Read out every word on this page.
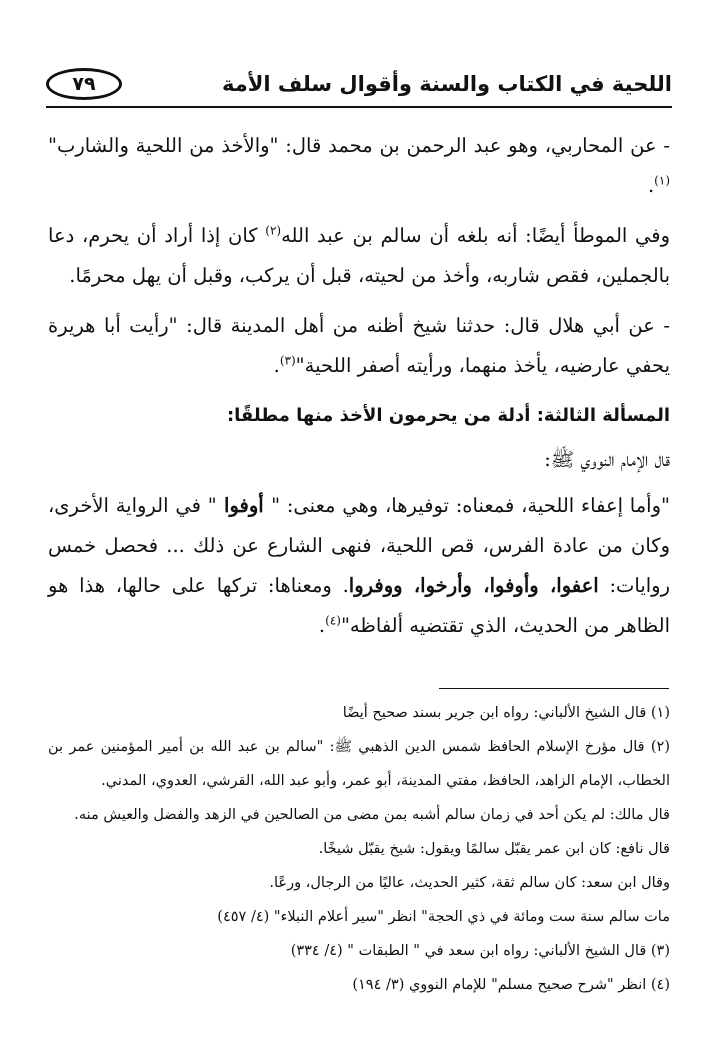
اللحية في الكتاب والسنة وأقوال سلف الأمة
٧٩

- عن المحاربي، وهو عبد الرحمن بن محمد قال: "والأخذ من اللحية والشارب"$^{(١)}$.

وفي الموطأ أيضًا: أنه بلغه أن سالم بن عبد الله$^{(٢)}$ كان إذا أراد أن يحرم، دعا بالجملين، فقص شاربه، وأخذ من لحيته، قبل أن يركب، وقبل أن يهل محرمًا.

- عن أبي هلال قال: حدثنا شيخ أظنه من أهل المدينة قال: "رأيت أبا هريرة يحفي عارضيه، يأخذ منهما، ورأيته أصفر اللحية"$^{(٣)}$.

المسألة الثالثة: أدلة من يحرمون الأخذ منها مطلقًا:

قال الإمام النووي ﷺ:

"وأما إعفاء اللحية، فمعناه: توفيرها، وهي معنى: " أوفوا " في الرواية الأخرى، وكان من عادة الفرس، قص اللحية، فنهى الشارع عن ذلك ... فحصل خمس روايات: اعفوا، وأوفوا، وأرخوا، ووفروا. ومعناها: تركها على حالها، هذا هو الظاهر من الحديث، الذي تقتضيه ألفاظه"$^{(٤)}$.

(١) قال الشيخ الألباني: رواه ابن جرير بسند صحيح أيضًا

(٢) قال مؤرخ الإسلام الحافظ شمس الدين الذهبي ﷺ: "سالم بن عبد الله بن أمير المؤمنين عمر بن الخطاب، الإمام الزاهد، الحافظ، مفتي المدينة، أبو عمر، وأبو عبد الله، القرشي، العدوي، المدني.

قال مالك: لم يكن أحد في زمان سالم أشبه بمن مضى من الصالحين في الزهد والفضل والعيش منه.

قال نافع: كان ابن عمر يقبّل سالمًا ويقول: شيخ يقبّل شيخًا.

وقال ابن سعد: كان سالم ثقة، كثير الحديث، عاليًا من الرجال، ورعًا.

مات سالم سنة ست ومائة في ذي الحجة" انظر "سير أعلام النبلاء" (٤/ ٤٥٧)

(٣) قال الشيخ الألباني: رواه ابن سعد في " الطبقات " (٤/ ٣٣٤)

(٤) انظر "شرح صحيح مسلم" للإمام النووي (٣/ ١٩٤)
